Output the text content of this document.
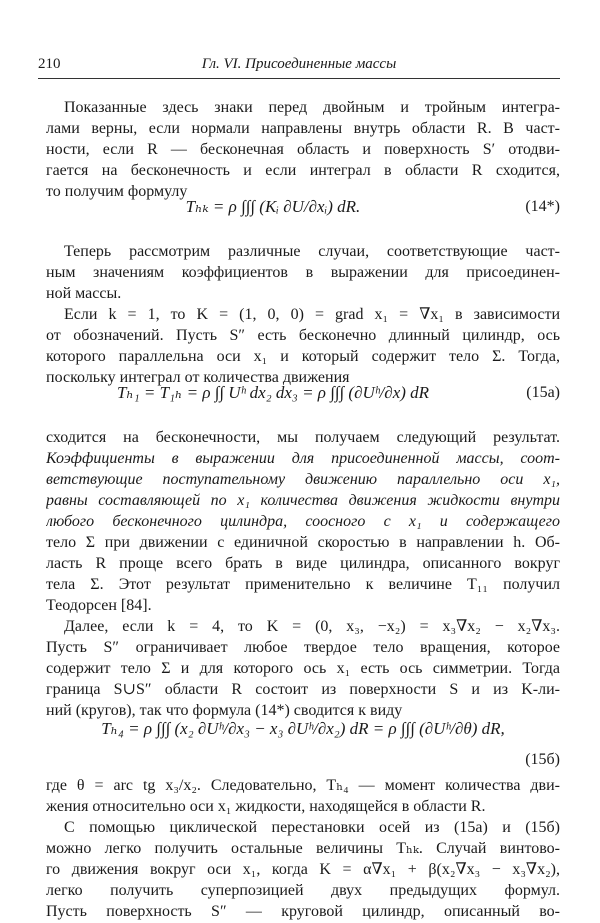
210	Гл. VI. Присоединенные массы
Показанные здесь знаки перед двойным и тройным интегра-
лами верны, если нормали направлены внутрь области R. В част-
ности, если R — бесконечная область и поверхность S′ отодви-
гается на бесконечность и если интеграл в области R сходится,
то получим формулу
Tₕₖ = ρ ∫∫∫ (Kᵢ ∂U/∂xᵢ) dR.	(14*)
Теперь рассмотрим различные случаи, соответствующие част-
ным значениям коэффициентов в выражении для присоединен-
ной массы.
Если k = 1, то K = (1, 0, 0) = grad x₁ = ∇x₁ в зависимости
от обозначений. Пусть S″ есть бесконечно длинный цилиндр, ось
которого параллельна оси x₁ и который содержит тело Σ. Тогда,
поскольку интеграл от количества движения
Tₕ₁ = T₁ₕ = ρ ∫∫ Uʰ dx₂ dx₃ = ρ ∫∫∫ (∂Uʰ/∂x) dR	(15а)
сходится на бесконечности, мы получаем следующий результат.
Коэффициенты в выражении для присоединенной массы, соот-
ветствующие поступательному движению параллельно оси x₁,
равны составляющей по x₁ количества движения жидкости внутри
любого бесконечного цилиндра, соосного с x₁ и содержащего
тело Σ при движении с единичной скоростью в направлении h. Об-
ласть R проще всего брать в виде цилиндра, описанного вокруг
тела Σ. Этот результат применительно к величине T₁₁ получил
Теодорсен [84].
Далее, если k = 4, то K = (0, x₃, −x₂) = x₃∇x₂ − x₂∇x₃.
Пусть S″ ограничивает любое твердое тело вращения, которое
содержит тело Σ и для которого ось x₁ есть ось симметрии. Тогда
граница S∪S″ области R состоит из поверхности S и из K-ли-
ний (кругов), так что формула (14*) сводится к виду
Tₕ₄ = ρ ∫∫∫ (x₂ ∂Uʰ/∂x₃ − x₃ ∂Uʰ/∂x₂) dR = ρ ∫∫∫ (∂Uʰ/∂θ) dR,
(15б)
где θ = arc tg x₃/x₂. Следовательно, Tₕ₄ — момент количества дви-
жения относительно оси x₁ жидкости, находящейся в области R.
С помощью циклической перестановки осей из (15а) и (15б)
можно легко получить остальные величины Tₕₖ. Случай винтово-
го движения вокруг оси x₁, когда K = α∇x₁ + β(x₂∇x₃ − x₃∇x₂),
легко получить суперпозицией двух предыдущих формул.
Пусть поверхность S″ — круговой цилиндр, описанный во-
